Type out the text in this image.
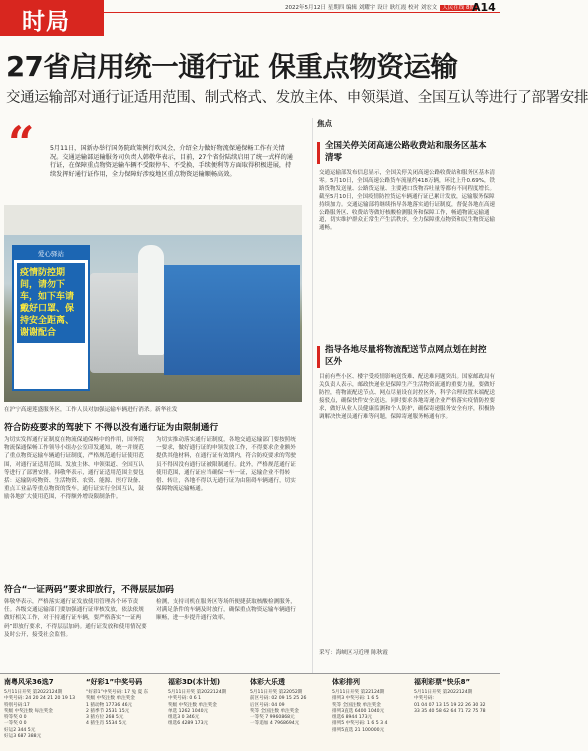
时局	2022年5月12日 星期四 编辑 刘耀宇 设计 耿红霞 校对 刘宏文 人民在线 8期
A14
27省启用统一通行证 保重点物资运输
交通运输部对通行证适用范围、制式格式、发放主体、申领渠道、全国互认等进行了部署安排
“	5月11日，国新办举行国务院政策例行吹风会，介绍全力做好物流保通保畅工作有关情况。交通运输部运输服务司负责人韩敬华表示，目前，27个省份陆续启用了统一式样的通行证，在保障重点物资运输车辆不受限停车、不受换、手续便利等方面取得积极进展，持续发挥好通行证作用，全力保障好涉疫地区重点物资运输顺畅高效。

爱心驿站
疫情防控期间，请勿下车，如下车请戴好口罩、保持安全距离、谢谢配合
在沪宁高速莲盛服务区，工作人员对加强运输车辆进行消杀。新华社发
符合防疫要求的驾驶下 不得以没有通行证为由限制通行
为切实发挥通行证制度在物流保通保畅中的作用，国务院物流保通保畅工作领导小组办公室印发通知，统一并规范了重点物资运输车辆通行证制度，严格规范通行证使用范围，对通行证适用范围、发放主体、申领渠道、全国互认等进行了部署安排。韩敬华表示，通行证适用范围主要包括：运输防疫物资、生活物资、农资、能源、医疗设备、重点工业品等重点物资的货车。通行证实行全国互认，鼓励各地扩大使用范围，不得额外增设限制条件。
为切实推动落实通行证制度，各地交通运输部门要按照统一要求，做好通行证的申领发放工作，不得要求企业额外提供其他材料，在通行证有效期内，符合防疫要求的驾驶员不得因没有通行证被限制通行。此外，严格规范通行证使用范围，通行证应当确保一车一证，运输企业不得转借、转让，各地不得以无通行证为由阻碍车辆通行，切实保障物流运输畅通。
符合“一证两码”要求即放行，不得层层加码
韩敬华表示，严格落实通行证发放使用管理各个环节责任。各级交通运输部门要加强通行证审核发放，依法依规做好相关工作，对于持通行证车辆，要严格落实“一证两码”即放行要求，不得层层加码。通行证发放和使用情况要及时公开，接受社会监督。
检测，支持司机在服务区等场所便捷获取核酸检测服务，对满足条件的车辆及时放行，确保重点物资运输车辆通行顺畅，进一步提升通行效率。
焦点
全国关停关闭高速公路收费站和服务区基本清零
交通运输部发布信息显示，全国关停关闭高速公路收费站和服务区基本清零。5月10日，全国高速公路货车流量约418万辆，环比上升0.69%，铁路货物发送量、公路货运量、主要港口货物吞吐量等都有不同程度增长。截至5月10日，全国疫情防控货运车辆通行证已累计发放，运输服务保障持续加力。交通运输部将继续指导各地落实通行证制度，督促各地在高速公路服务区、收费站等做好核酸检测服务和保障工作，畅通物流运输通道，切实维护群众正常生产生活秩序，全力保障重点物资和民生物资运输通畅。
指导各地尽量将物流配送节点网点划在封控区外
目前有些小区、楼宇受疫情影响送货难、配送难问题突出。国家邮政局有关负责人表示，邮政快递业是保障生产生活物资流通的重要力量，要做好防控，将物流配送节点、网点尽量设在封控区外，科学合理设置末端配送接驳点，确保快件安全送达。同时要求各地寄递企业严格落实疫情防控要求，做好从业人员健康监测和个人防护，确保寄递服务安全有序，积极协调解决快递员通行难等问题，保障寄递服务畅通有序。
采写：海峡区习近理 陈秋霞
南粤风采36选7
5月11日开奖 第2022124期
中奖号码: 24 20 24 21 20 19 13
特别号码:17
奖级 中奖注数 每注奖金
特等奖 0 0
一等奖 0 0
好运2 344 5元
好运3 687 388元
“好彩1”中奖号码
“好彩1”中奖号码: 17 兔 夏 东
奖级 中奖注数 单注奖金
1 猜动物 17736 46元
2 猜季节 2531 15元
3 猜方位 268 5元
4 猜生肖 5534 5元
福彩3D(本计划)
5月11日开奖 第2022124期
中奖号码: 0 6 1
奖级 中奖注数 单注奖金
单选 1262 1040元
组选3 0 346元
组选6 4289 173元
体彩大乐透
5月11日开奖 第22052期
前区号码: 02 09 15 25 26
后区号码: 04 09
奖等 全国注数 单注奖金
一等奖 7 9960868元
一等追加 4 7968694元
体彩排列
5月11日开奖 第22124期
排列3 中奖号码: 1 6 5
奖等 全国注数 单注奖金
排列3直选 6400 1040元
组选6 8944 173元
排列5 中奖号码: 1 6 5 3 4
排列5直选 21 100000元
福利彩票“快乐8”
5月11日开奖 第2022124期
中奖号码:
01 04 07 13 15 19 22 26 30 32
33 35 40 58 62 64 71 72 75 78
